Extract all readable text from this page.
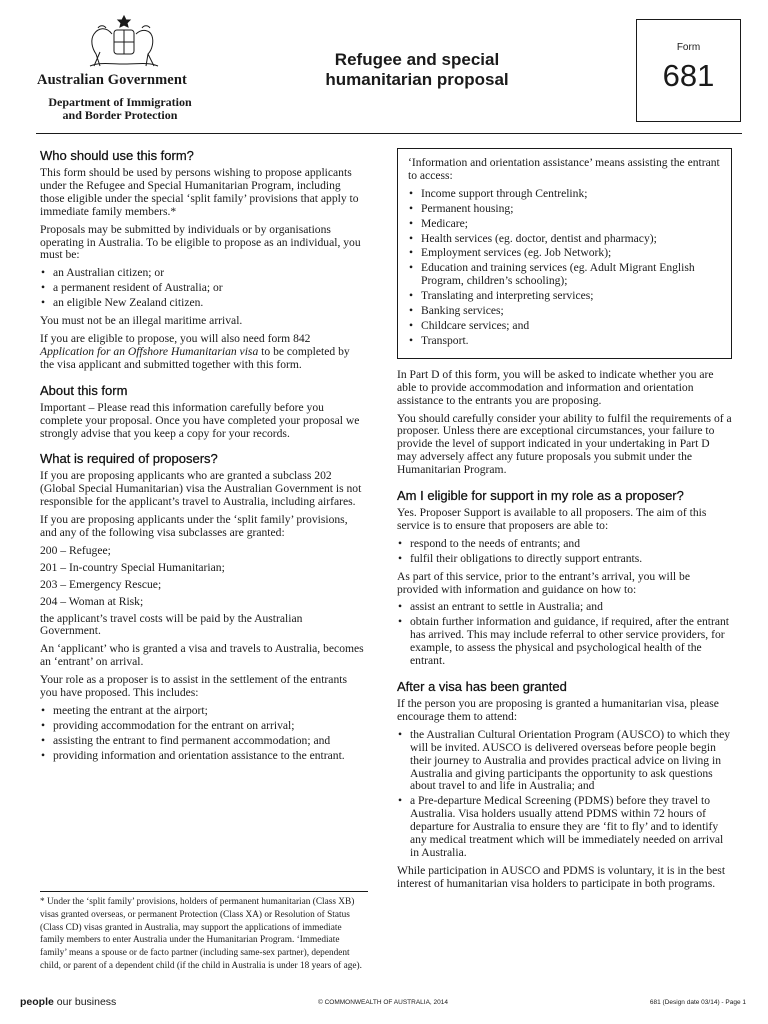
Australian Government
Department of Immigration
and Border Protection
Refugee and special
humanitarian proposal
Form
681
Who should use this form?

This form should be used by persons wishing to propose applicants under the Refugee and Special Humanitarian Program, including those eligible under the special ‘split family’ provisions that apply to immediate family members.*

Proposals may be submitted by individuals or by organisations operating in Australia. To be eligible to propose as an individual, you must be:

• an Australian citizen; or
• a permanent resident of Australia; or
• an eligible New Zealand citizen.

You must not be an illegal maritime arrival.

If you are eligible to propose, you will also need form 842 Application for an Offshore Humanitarian visa to be completed by the visa applicant and submitted together with this form.

About this form

Important – Please read this information carefully before you complete your proposal. Once you have completed your proposal we strongly advise that you keep a copy for your records.

What is required of proposers?

If you are proposing applicants who are granted a subclass 202 (Global Special Humanitarian) visa the Australian Government is not responsible for the applicant’s travel to Australia, including airfares.

If you are proposing applicants under the ‘split family’ provisions, and any of the following visa subclasses are granted:

200 – Refugee;
201 – In-country Special Humanitarian;
203 – Emergency Rescue;
204 – Woman at Risk;

the applicant’s travel costs will be paid by the Australian Government.

An ‘applicant’ who is granted a visa and travels to Australia, becomes an ‘entrant’ on arrival.

Your role as a proposer is to assist in the settlement of the entrants you have proposed. This includes:

• meeting the entrant at the airport;
• providing accommodation for the entrant on arrival;
• assisting the entrant to find permanent accommodation; and
• providing information and orientation assistance to the entrant.
* Under the ‘split family’ provisions, holders of permanent humanitarian (Class XB) visas granted overseas, or permanent Protection (Class XA) or Resolution of Status (Class CD) visas granted in Australia, may support the applications of immediate family members to enter Australia under the Humanitarian Program. ‘Immediate family’ means a spouse or de facto partner (including same-sex partner), dependent child, or parent of a dependent child (if the child in Australia is under 18 years of age).

‘Information and orientation assistance’ means assisting the entrant to access:

• Income support through Centrelink;
• Permanent housing;
• Medicare;
• Health services (eg. doctor, dentist and pharmacy);
• Employment services (eg. Job Network);
• Education and training services (eg. Adult Migrant English Program, children’s schooling);
• Translating and interpreting services;
• Banking services;
• Childcare services; and
• Transport.

In Part D of this form, you will be asked to indicate whether you are able to provide accommodation and information and orientation assistance to the entrants you are proposing.

You should carefully consider your ability to fulfil the requirements of a proposer. Unless there are exceptional circumstances, your failure to provide the level of support indicated in your undertaking in Part D may adversely affect any future proposals you submit under the Humanitarian Program.

Am I eligible for support in my role as a proposer?

Yes. Proposer Support is available to all proposers. The aim of this service is to ensure that proposers are able to:

• respond to the needs of entrants; and
• fulfil their obligations to directly support entrants.

As part of this service, prior to the entrant’s arrival, you will be provided with information and guidance on how to:

• assist an entrant to settle in Australia; and
• obtain further information and guidance, if required, after the entrant has arrived. This may include referral to other service providers, for example, to assess the physical and psychological health of the entrant.
After a visa has been granted

If the person you are proposing is granted a humanitarian visa, please encourage them to attend:

• the Australian Cultural Orientation Program (AUSCO) to which they will be invited. AUSCO is delivered overseas before people begin their journey to Australia and provides practical advice on living in Australia and giving participants the opportunity to ask questions about travel to and life in Australia; and
• a Pre-departure Medical Screening (PDMS) before they travel to Australia. Visa holders usually attend PDMS within 72 hours of departure for Australia to ensure they are ‘fit to fly’ and to identify any medical treatment which will be immediately needed on arrival in Australia.

While participation in AUSCO and PDMS is voluntary, it is in the best interest of humanitarian visa holders to participate in both programs.

people our business	© COMMONWEALTH OF AUSTRALIA, 2014	681 (Design date 03/14) - Page 1
